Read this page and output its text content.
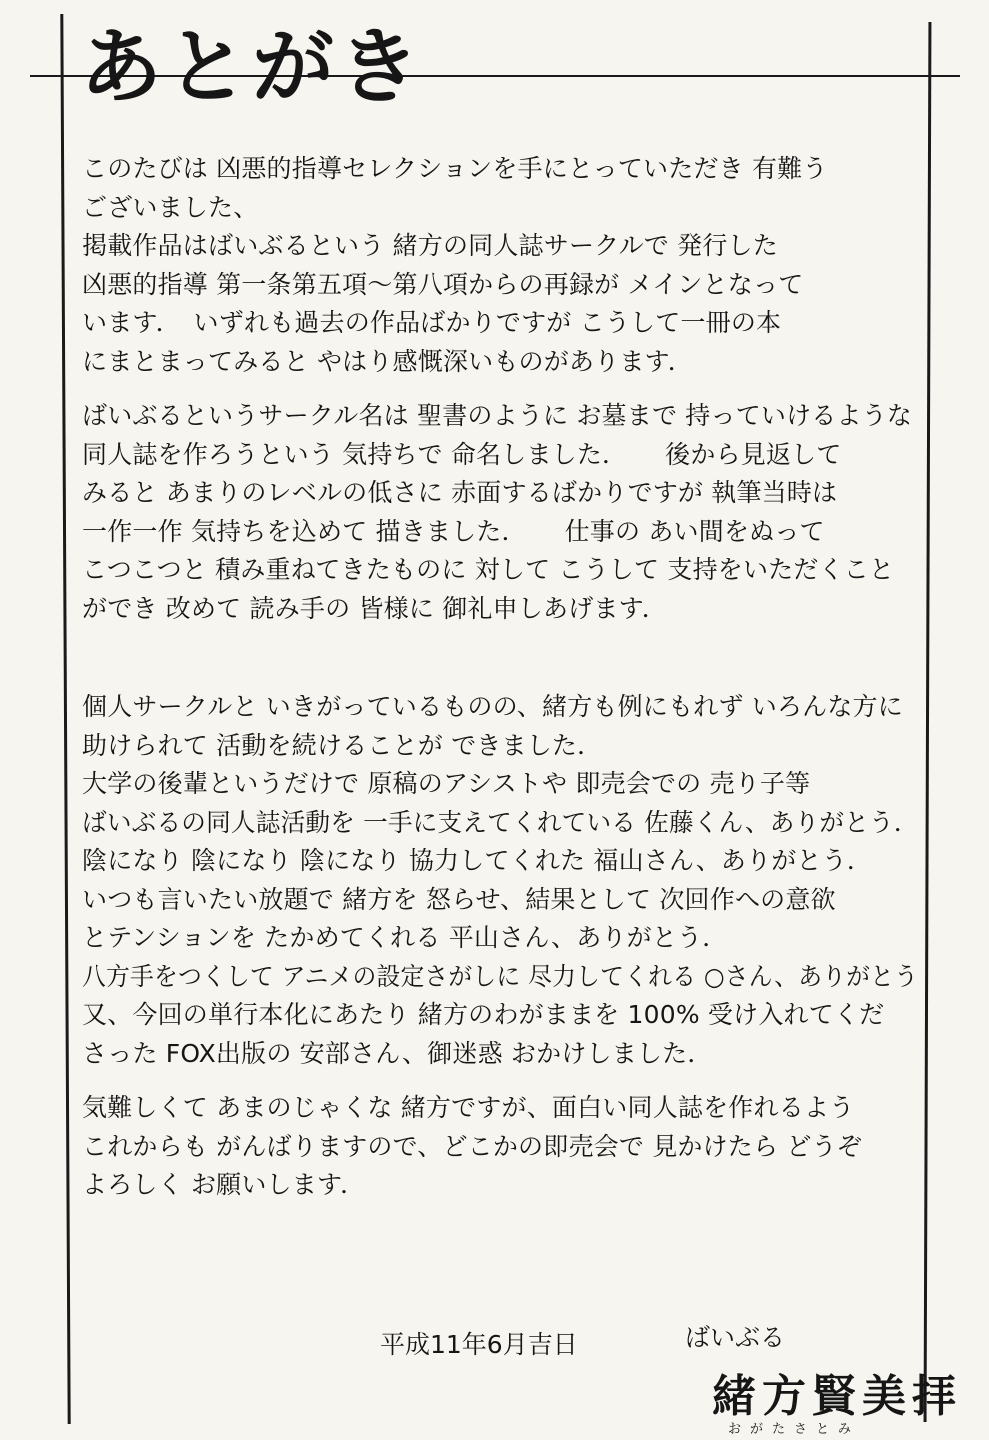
あとがき
このたびは 凶悪的指導セレクションを手にとっていただき 有難う
ございました、
掲載作品はばいぶるという 緒方の同人誌サークルで 発行した
凶悪的指導 第一条第五項～第八項からの再録が メインとなって
います．　いずれも過去の作品ばかりですが こうして一冊の本
にまとまってみると やはり感慨深いものがあります．
ばいぶるというサークル名は 聖書のように お墓まで 持っていけるような
同人誌を作ろうという 気持ちで 命名しました．　　後から見返して
みると あまりのレベルの低さに 赤面するばかりですが 執筆当時は
一作一作 気持ちを込めて 描きました．　　仕事の あい間をぬって
こつこつと 積み重ねてきたものに 対して こうして 支持をいただくこと
ができ 改めて 読み手の 皆様に 御礼申しあげます．
個人サークルと いきがっているものの、緒方も例にもれず いろんな方に
助けられて 活動を続けることが できました．
大学の後輩というだけで 原稿のアシストや 即売会での 売り子等
ばいぶるの同人誌活動を 一手に支えてくれている 佐藤くん、ありがとう．
陰になり 陰になり 陰になり 協力してくれた 福山さん、ありがとう．
いつも言いたい放題で 緒方を 怒らせ、結果として 次回作への意欲
とテンションを たかめてくれる 平山さん、ありがとう．
八方手をつくして アニメの設定さがしに 尽力してくれる ○さん、ありがとう
又、今回の単行本化にあたり 緒方のわがままを 100% 受け入れてくだ
さった FOX出版の 安部さん、御迷惑 おかけしました．
気難しくて あまのじゃくな 緒方ですが、面白い同人誌を作れるよう
これからも がんばりますので、どこかの即売会で 見かけたら どうぞ
よろしく お願いします．
平成11年6月吉日	ばいぶる
緒方賢美拝
おがたさとみ
